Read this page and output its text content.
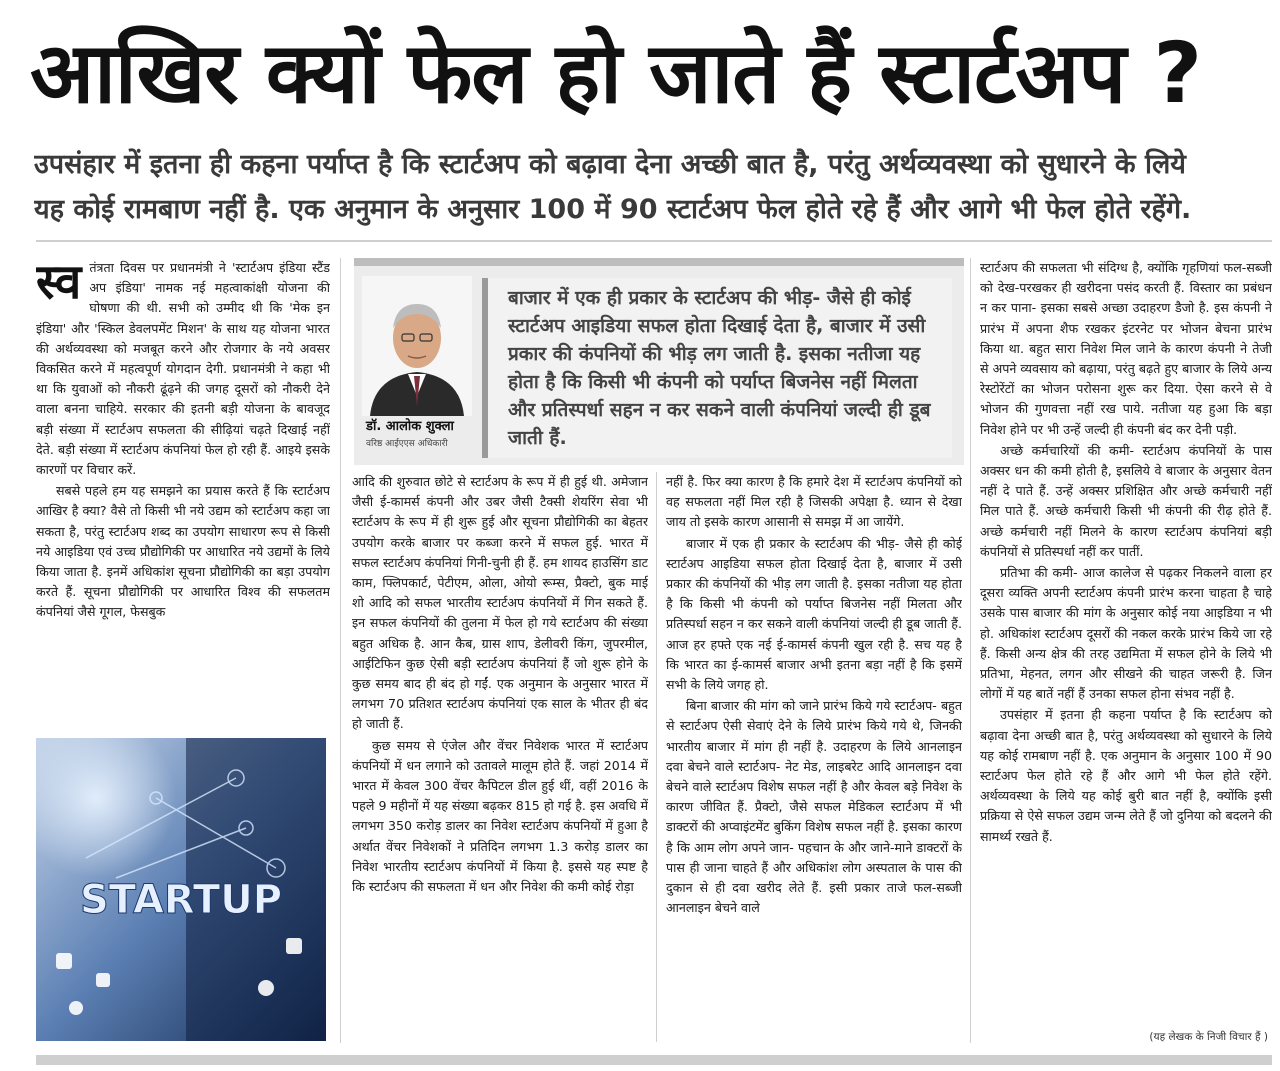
आखिर क्यों फेल हो जाते हैं स्टार्टअप ?

उपसंहार में इतना ही कहना पर्याप्त है कि स्टार्टअप को बढ़ावा देना अच्छी बात है, परंतु अर्थव्यवस्था को सुधारने के लिये

यह कोई रामबाण नहीं है. एक अनुमान के अनुसार 100 में 90 स्टार्टअप फेल होते रहे हैं और आगे भी फेल होते रहेंगे.

स्व तंत्रता दिवस पर प्रधानमंत्री ने 'स्टार्टअप इंडिया स्टैंड अप इंडिया' नामक नई महत्वाकांक्षी योजना की घोषणा की थी. सभी को उम्मीद थी कि 'मेक इन इंडिया' और 'स्किल डेवलपमेंट मिशन' के साथ यह योजना भारत की अर्थव्यवस्था को मजबूत करने और रोजगार के नये अवसर विकसित करने में महत्वपूर्ण योगदान देगी. प्रधानमंत्री ने कहा भी था कि युवाओं को नौकरी ढूंढ़ने की जगह दूसरों को नौकरी देने वाला बनना चाहिये. सरकार की इतनी बड़ी योजना के बावजूद बड़ी संख्या में स्टार्टअप सफलता की सीढ़ियां चढ़ते दिखाई नहीं देते. बड़ी संख्या में स्टार्टअप कंपनियां फेल हो रही हैं. आइये इसके कारणों पर विचार करें.

सबसे पहले हम यह समझने का प्रयास करते हैं कि स्टार्टअप आखिर है क्या? वैसे तो किसी भी नये उद्यम को स्टार्टअप कहा जा सकता है, परंतु स्टार्टअप शब्द का उपयोग साधारण रूप से किसी नये आइडिया एवं उच्च प्रौद्योगिकी पर आधारित नये उद्यमों के लिये किया जाता है. इनमें अधिकांश सूचना प्रौद्योगिकी का बड़ा उपयोग करते हैं. सूचना प्रौद्योगिकी पर आधारित विश्व की सफलतम कंपनियां जैसे गूगल, फेसबुक

STARTUP
डॉ. आलोक शुक्ला
वरिष्ठ आईएएस अधिकारी

बाजार में एक ही प्रकार के स्टार्टअप की भीड़- जैसे ही कोई स्टार्टअप आइडिया सफल होता दिखाई देता है, बाजार में उसी प्रकार की कंपनियों की भीड़ लग जाती है. इसका नतीजा यह होता है कि किसी भी कंपनी को पर्याप्त बिजनेस नहीं मिलता और प्रतिस्पर्धा सहन न कर सकने वाली कंपनियां जल्दी ही डूब जाती हैं.

आदि की शुरुवात छोटे से स्टार्टअप के रूप में ही हुई थी. अमेजान जैसी ई-कामर्स कंपनी और उबर जैसी टैक्सी शेयरिंग सेवा भी स्टार्टअप के रूप में ही शुरू हुई और सूचना प्रौद्योगिकी का बेहतर उपयोग करके बाजार पर कब्जा करने में सफल हुई. भारत में सफल स्टार्टअप कंपनियां गिनी-चुनी ही हैं. हम शायद हाउसिंग डाट काम, फ्लिपकार्ट, पेटीएम, ओला, ओयो रूम्स, प्रैक्टो, बुक माई शो आदि को सफल भारतीय स्टार्टअप कंपनियों में गिन सकते हैं. इन सफल कंपनियों की तुलना में फेल हो गये स्टार्टअप की संख्या बहुत अधिक है. आन कैब, ग्रास शाप, डेलीवरी किंग, जुपरमील, आईटिफिन कुछ ऐसी बड़ी स्टार्टअप कंपनियां हैं जो शुरू होने के कुछ समय बाद ही बंद हो गईं. एक अनुमान के अनुसार भारत में लगभग 70 प्रतिशत स्टार्टअप कंपनियां एक साल के भीतर ही बंद हो जाती हैं.

कुछ समय से एंजेल और वेंचर निवेशक भारत में स्टार्टअप कंपनियों में धन लगाने को उतावले मालूम होते हैं. जहां 2014 में भारत में केवल 300 वेंचर कैपिटल डील हुई थीं, वहीं 2016 के पहले 9 महीनों में यह संख्या बढ़कर 815 हो गई है. इस अवधि में लगभग 350 करोड़ डालर का निवेश स्टार्टअप कंपनियों में हुआ है अर्थात वेंचर निवेशकों ने प्रतिदिन लगभग 1.3 करोड़ डालर का निवेश भारतीय स्टार्टअप कंपनियों में किया है. इससे यह स्पष्ट है कि स्टार्टअप की सफलता में धन और निवेश की कमी कोई रोड़ा

नहीं है. फिर क्या कारण है कि हमारे देश में स्टार्टअप कंपनियों को वह सफलता नहीं मिल रही है जिसकी अपेक्षा है. ध्यान से देखा जाय तो इसके कारण आसानी से समझ में आ जायेंगे.

बाजार में एक ही प्रकार के स्टार्टअप की भीड़- जैसे ही कोई स्टार्टअप आइडिया सफल होता दिखाई देता है, बाजार में उसी प्रकार की कंपनियों की भीड़ लग जाती है. इसका नतीजा यह होता है कि किसी भी कंपनी को पर्याप्त बिजनेस नहीं मिलता और प्रतिस्पर्धा सहन न कर सकने वाली कंपनियां जल्दी ही डूब जाती हैं. आज हर हफ्ते एक नई ई-कामर्स कंपनी खुल रही है. सच यह है कि भारत का ई-कामर्स बाजार अभी इतना बड़ा नहीं है कि इसमें सभी के लिये जगह हो.

बिना बाजार की मांग को जाने प्रारंभ किये गये स्टार्टअप- बहुत से स्टार्टअप ऐसी सेवाएं देने के लिये प्रारंभ किये गये थे, जिनकी भारतीय बाजार में मांग ही नहीं है. उदाहरण के लिये आनलाइन दवा बेचने वाले स्टार्टअप- नेट मेड, लाइबरेट आदि आनलाइन दवा बेचने वाले स्टार्टअप विशेष सफल नहीं है और केवल बड़े निवेश के कारण जीवित हैं. प्रैक्टो, जैसे सफल मेडिकल स्टार्टअप में भी डाक्टरों की अप्वाइंटमेंट बुकिंग विशेष सफल नहीं है. इसका कारण है कि आम लोग अपने जान- पहचान के और जाने-माने डाक्टरों के पास ही जाना चाहते हैं और अधिकांश लोग अस्पताल के पास की दुकान से ही दवा खरीद लेते हैं. इसी प्रकार ताजे फल-सब्जी आनलाइन बेचने वाले

स्टार्टअप की सफलता भी संदिग्ध है, क्योंकि गृहणियां फल-सब्जी को देख-परखकर ही खरीदना पसंद करती हैं. विस्तार का प्रबंधन न कर पाना- इसका सबसे अच्छा उदाहरण डैजो है. इस कंपनी ने प्रारंभ में अपना शैफ रखकर इंटरनेट पर भोजन बेचना प्रारंभ किया था. बहुत सारा निवेश मिल जाने के कारण कंपनी ने तेजी से अपने व्यवसाय को बढ़ाया, परंतु बढ़ते हुए बाजार के लिये अन्य रेस्टोरेंटों का भोजन परोसना शुरू कर दिया. ऐसा करने से वे भोजन की गुणवत्ता नहीं रख पाये. नतीजा यह हुआ कि बड़ा निवेश होने पर भी उन्हें जल्दी ही कंपनी बंद कर देनी पड़ी.

अच्छे कर्मचारियों की कमी- स्टार्टअप कंपनियों के पास अक्सर धन की कमी होती है, इसलिये वे बाजार के अनुसार वेतन नहीं दे पाते हैं. उन्हें अक्सर प्रशिक्षित और अच्छे कर्मचारी नहीं मिल पाते हैं. अच्छे कर्मचारी किसी भी कंपनी की रीढ़ होते हैं. अच्छे कर्मचारी नहीं मिलने के कारण स्टार्टअप कंपनियां बड़ी कंपनियों से प्रतिस्पर्धा नहीं कर पातीं.

प्रतिभा की कमी- आज कालेज से पढ़कर निकलने वाला हर दूसरा व्यक्ति अपनी स्टार्टअप कंपनी प्रारंभ करना चाहता है चाहे उसके पास बाजार की मांग के अनुसार कोई नया आइडिया न भी हो. अधिकांश स्टार्टअप दूसरों की नकल करके प्रारंभ किये जा रहे हैं. किसी अन्य क्षेत्र की तरह उद्यमिता में सफल होने के लिये भी प्रतिभा, मेहनत, लगन और सीखने की चाहत जरूरी है. जिन लोगों में यह बातें नहीं हैं उनका सफल होना संभव नहीं है.

उपसंहार में इतना ही कहना पर्याप्त है कि स्टार्टअप को बढ़ावा देना अच्छी बात है, परंतु अर्थव्यवस्था को सुधारने के लिये यह कोई रामबाण नहीं है. एक अनुमान के अनुसार 100 में 90 स्टार्टअप फेल होते रहे हैं और आगे भी फेल होते रहेंगे. अर्थव्यवस्था के लिये यह कोई बुरी बात नहीं है, क्योंकि इसी प्रक्रिया से ऐसे सफल उद्यम जन्म लेते हैं जो दुनिया को बदलने की सामर्थ्य रखते हैं.

(यह लेखक के निजी विचार हैं )
